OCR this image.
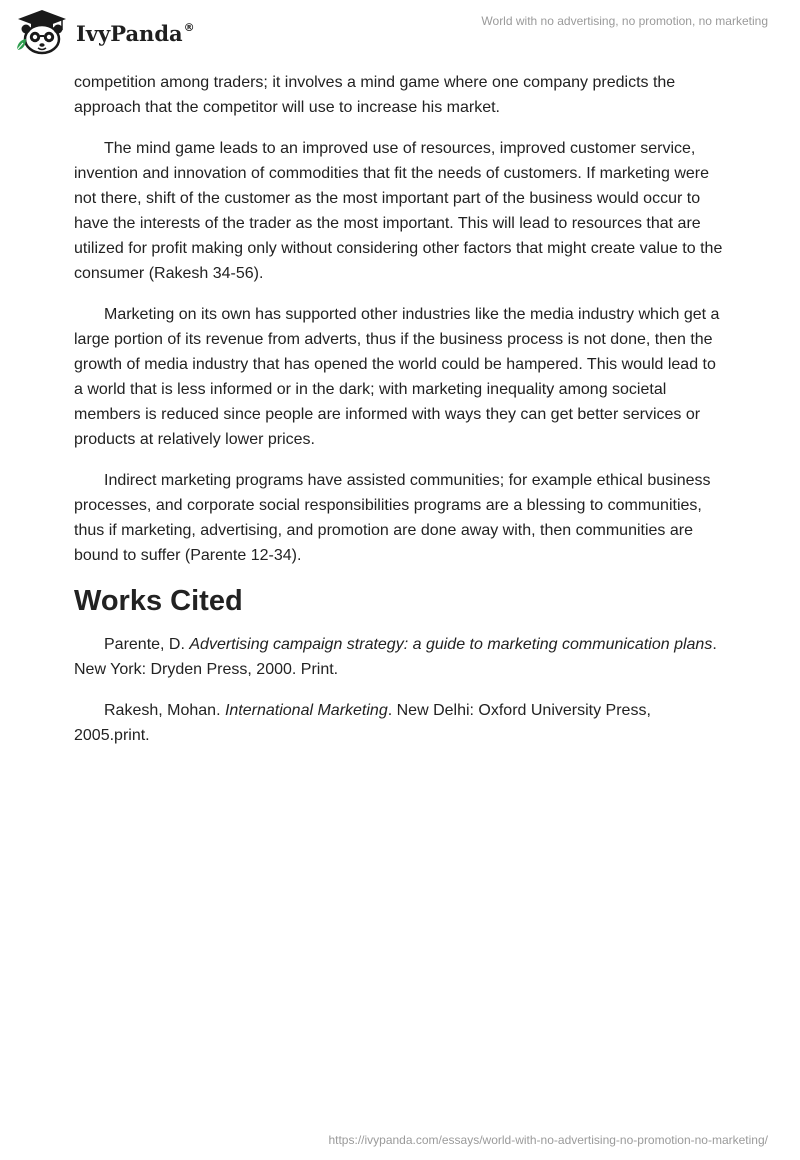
IvyPanda®	World with no advertising, no promotion, no marketing

competition among traders; it involves a mind game where one company predicts the approach that the competitor will use to increase his market.

The mind game leads to an improved use of resources, improved customer service, invention and innovation of commodities that fit the needs of customers. If marketing were not there, shift of the customer as the most important part of the business would occur to have the interests of the trader as the most important. This will lead to resources that are utilized for profit making only without considering other factors that might create value to the consumer (Rakesh 34-56).

Marketing on its own has supported other industries like the media industry which get a large portion of its revenue from adverts, thus if the business process is not done, then the growth of media industry that has opened the world could be hampered. This would lead to a world that is less informed or in the dark; with marketing inequality among societal members is reduced since people are informed with ways they can get better services or products at relatively lower prices.

Indirect marketing programs have assisted communities; for example ethical business processes, and corporate social responsibilities programs are a blessing to communities, thus if marketing, advertising, and promotion are done away with, then communities are bound to suffer (Parente 12-34).

Works Cited

Parente, D. Advertising campaign strategy: a guide to marketing communication plans. New York: Dryden Press, 2000. Print.

Rakesh, Mohan. International Marketing. New Delhi: Oxford University Press, 2005.print.

https://ivypanda.com/essays/world-with-no-advertising-no-promotion-no-marketing/
